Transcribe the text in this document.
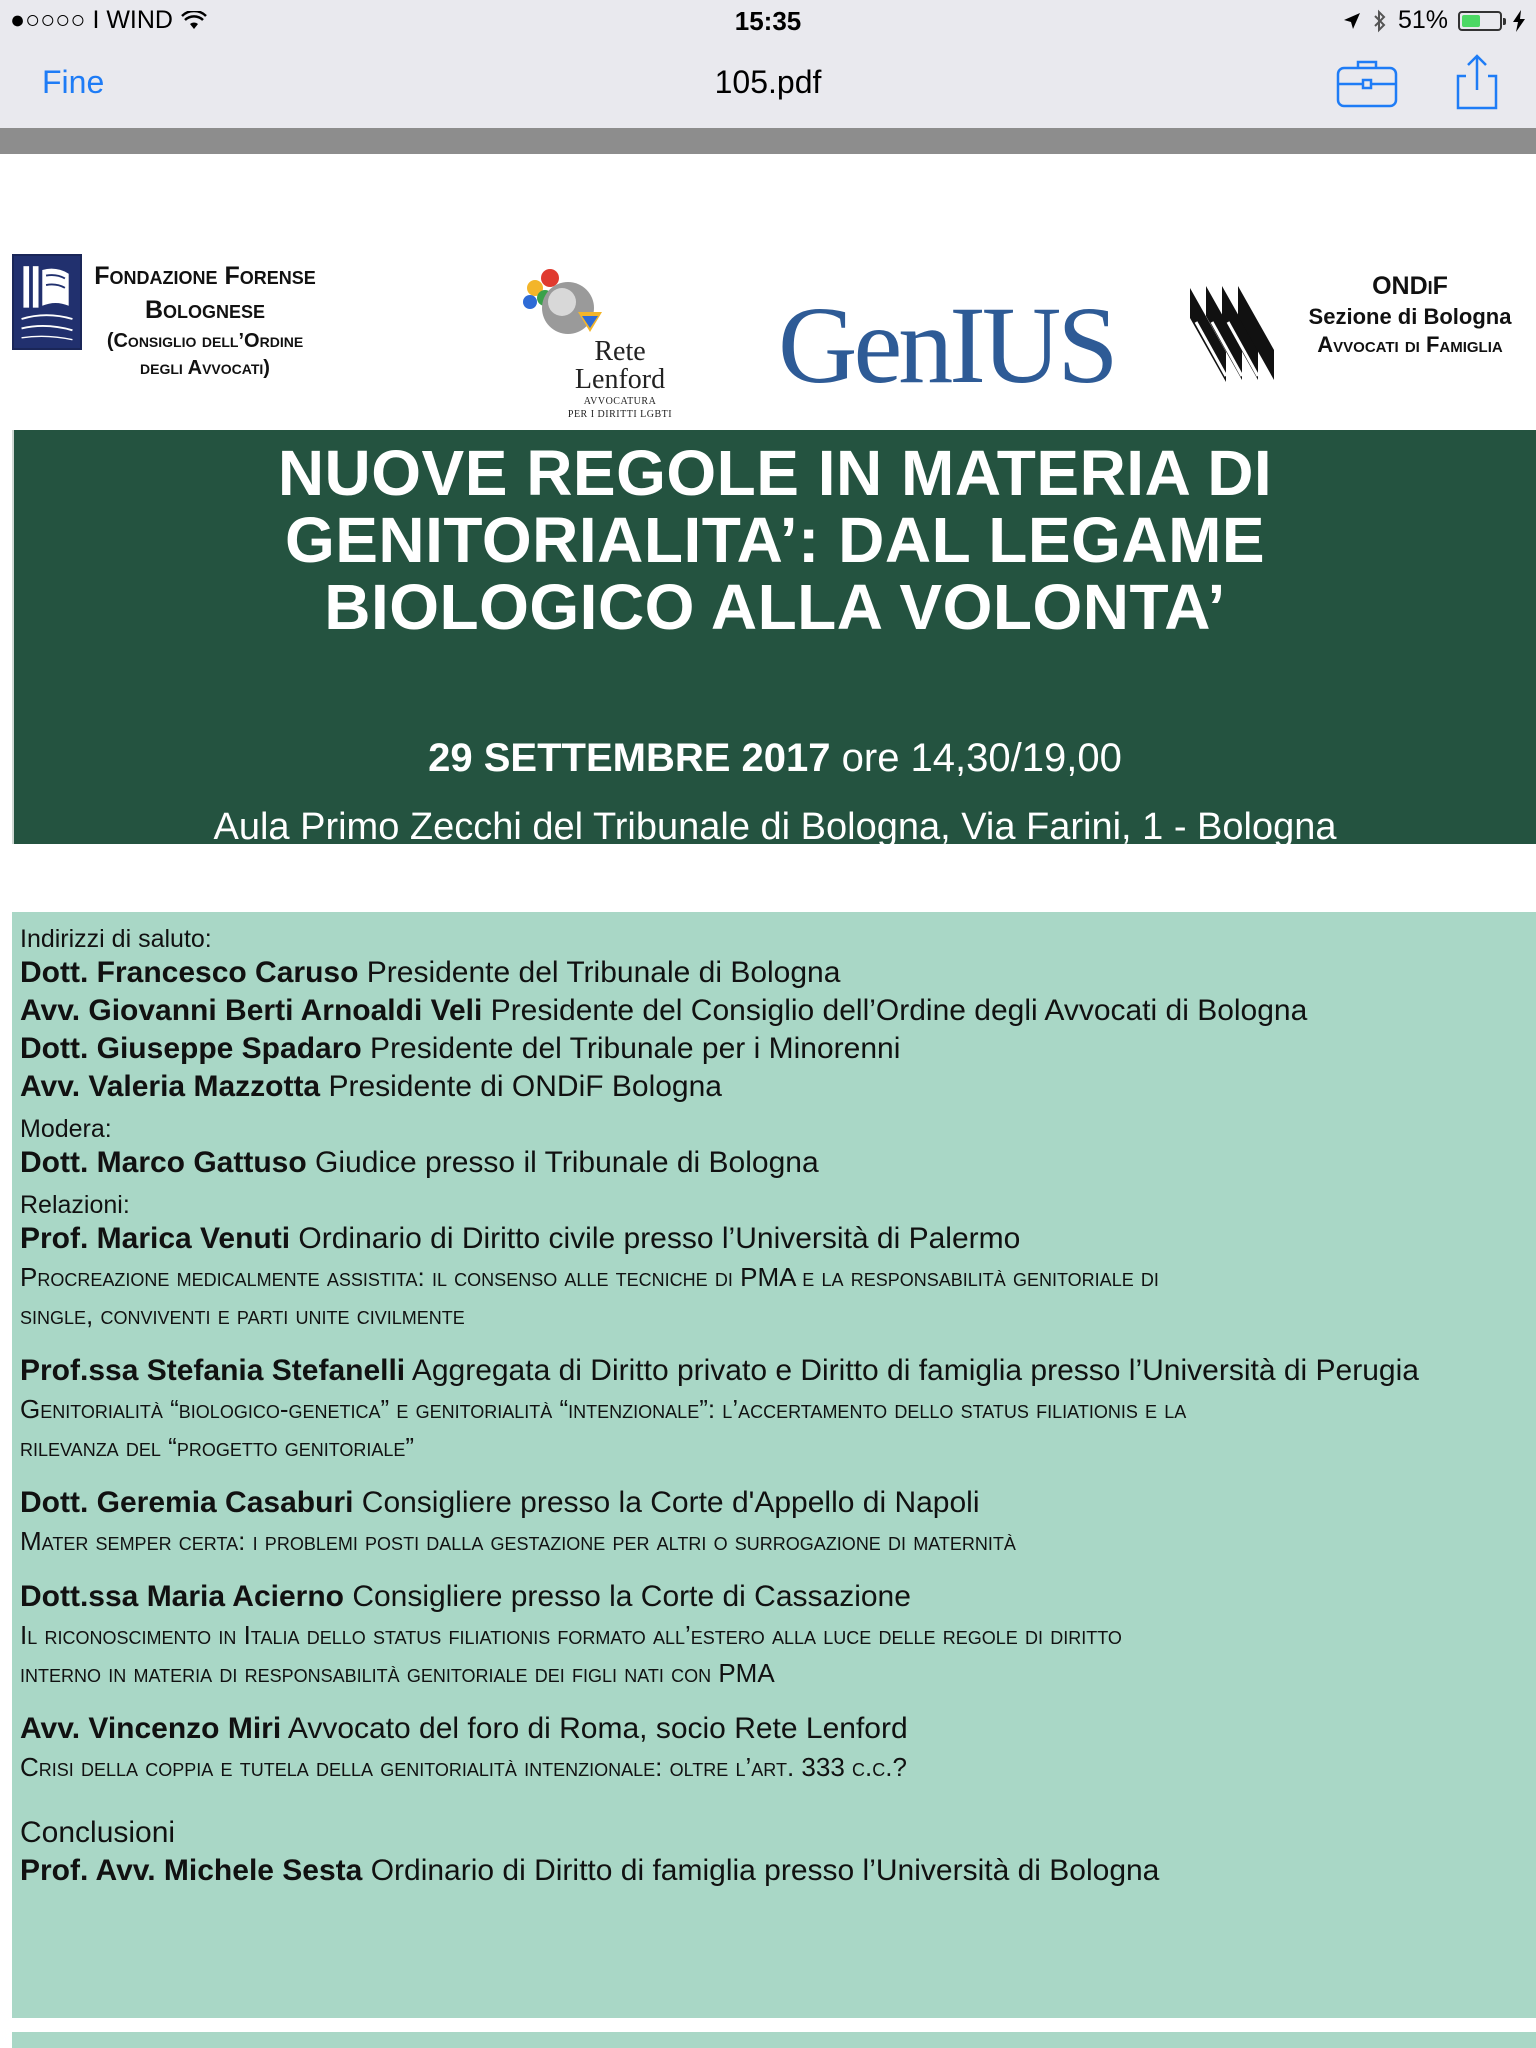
●○○○○ I WIND	15:35	51%
Fine	105.pdf
Fondazione Forense
Bolognese
(Consiglio dell’Ordine
degli Avvocati)
Rete
Lenford
AVVOCATURA
PER I DIRITTI LGBTI
GenIUS	ONDiF
Sezione di Bologna
Avvocati di Famiglia
NUOVE REGOLE IN MATERIA DI
GENITORIALITA’: DAL LEGAME
BIOLOGICO ALLA VOLONTA’
29 SETTEMBRE 2017 ore 14,30/19,00
Aula Primo Zecchi del Tribunale di Bologna, Via Farini, 1 - Bologna
Indirizzi di saluto:
Dott. Francesco Caruso Presidente del Tribunale di Bologna
Avv. Giovanni Berti Arnoaldi Veli Presidente del Consiglio dell’Ordine degli Avvocati di Bologna
Dott. Giuseppe Spadaro Presidente del Tribunale per i Minorenni
Avv. Valeria Mazzotta Presidente di ONDiF Bologna
Modera:
Dott. Marco Gattuso Giudice presso il Tribunale di Bologna
Relazioni:
Prof. Marica Venuti Ordinario di Diritto civile presso l’Università di Palermo
Procreazione medicalmente assistita: il consenso alle tecniche di PMA e la responsabilità genitoriale di
single, conviventi e parti unite civilmente
Prof.ssa Stefania Stefanelli Aggregata di Diritto privato e Diritto di famiglia presso l’Università di Perugia
Genitorialità “biologico-genetica” e genitorialità “intenzionale”: l’accertamento dello status filiationis e la
rilevanza del “progetto genitoriale”
Dott. Geremia Casaburi Consigliere presso la Corte d'Appello di Napoli
Mater semper certa: i problemi posti dalla gestazione per altri o surrogazione di maternità
Dott.ssa Maria Acierno Consigliere presso la Corte di Cassazione
Il riconoscimento in Italia dello status filiationis formato all’estero alla luce delle regole di diritto
interno in materia di responsabilità genitoriale dei figli nati con PMA
Avv. Vincenzo Miri Avvocato del foro di Roma, socio Rete Lenford
Crisi della coppia e tutela della genitorialità intenzionale: oltre l’art. 333 c.c.?
Conclusioni
Prof. Avv. Michele Sesta Ordinario di Diritto di famiglia presso l’Università di Bologna
